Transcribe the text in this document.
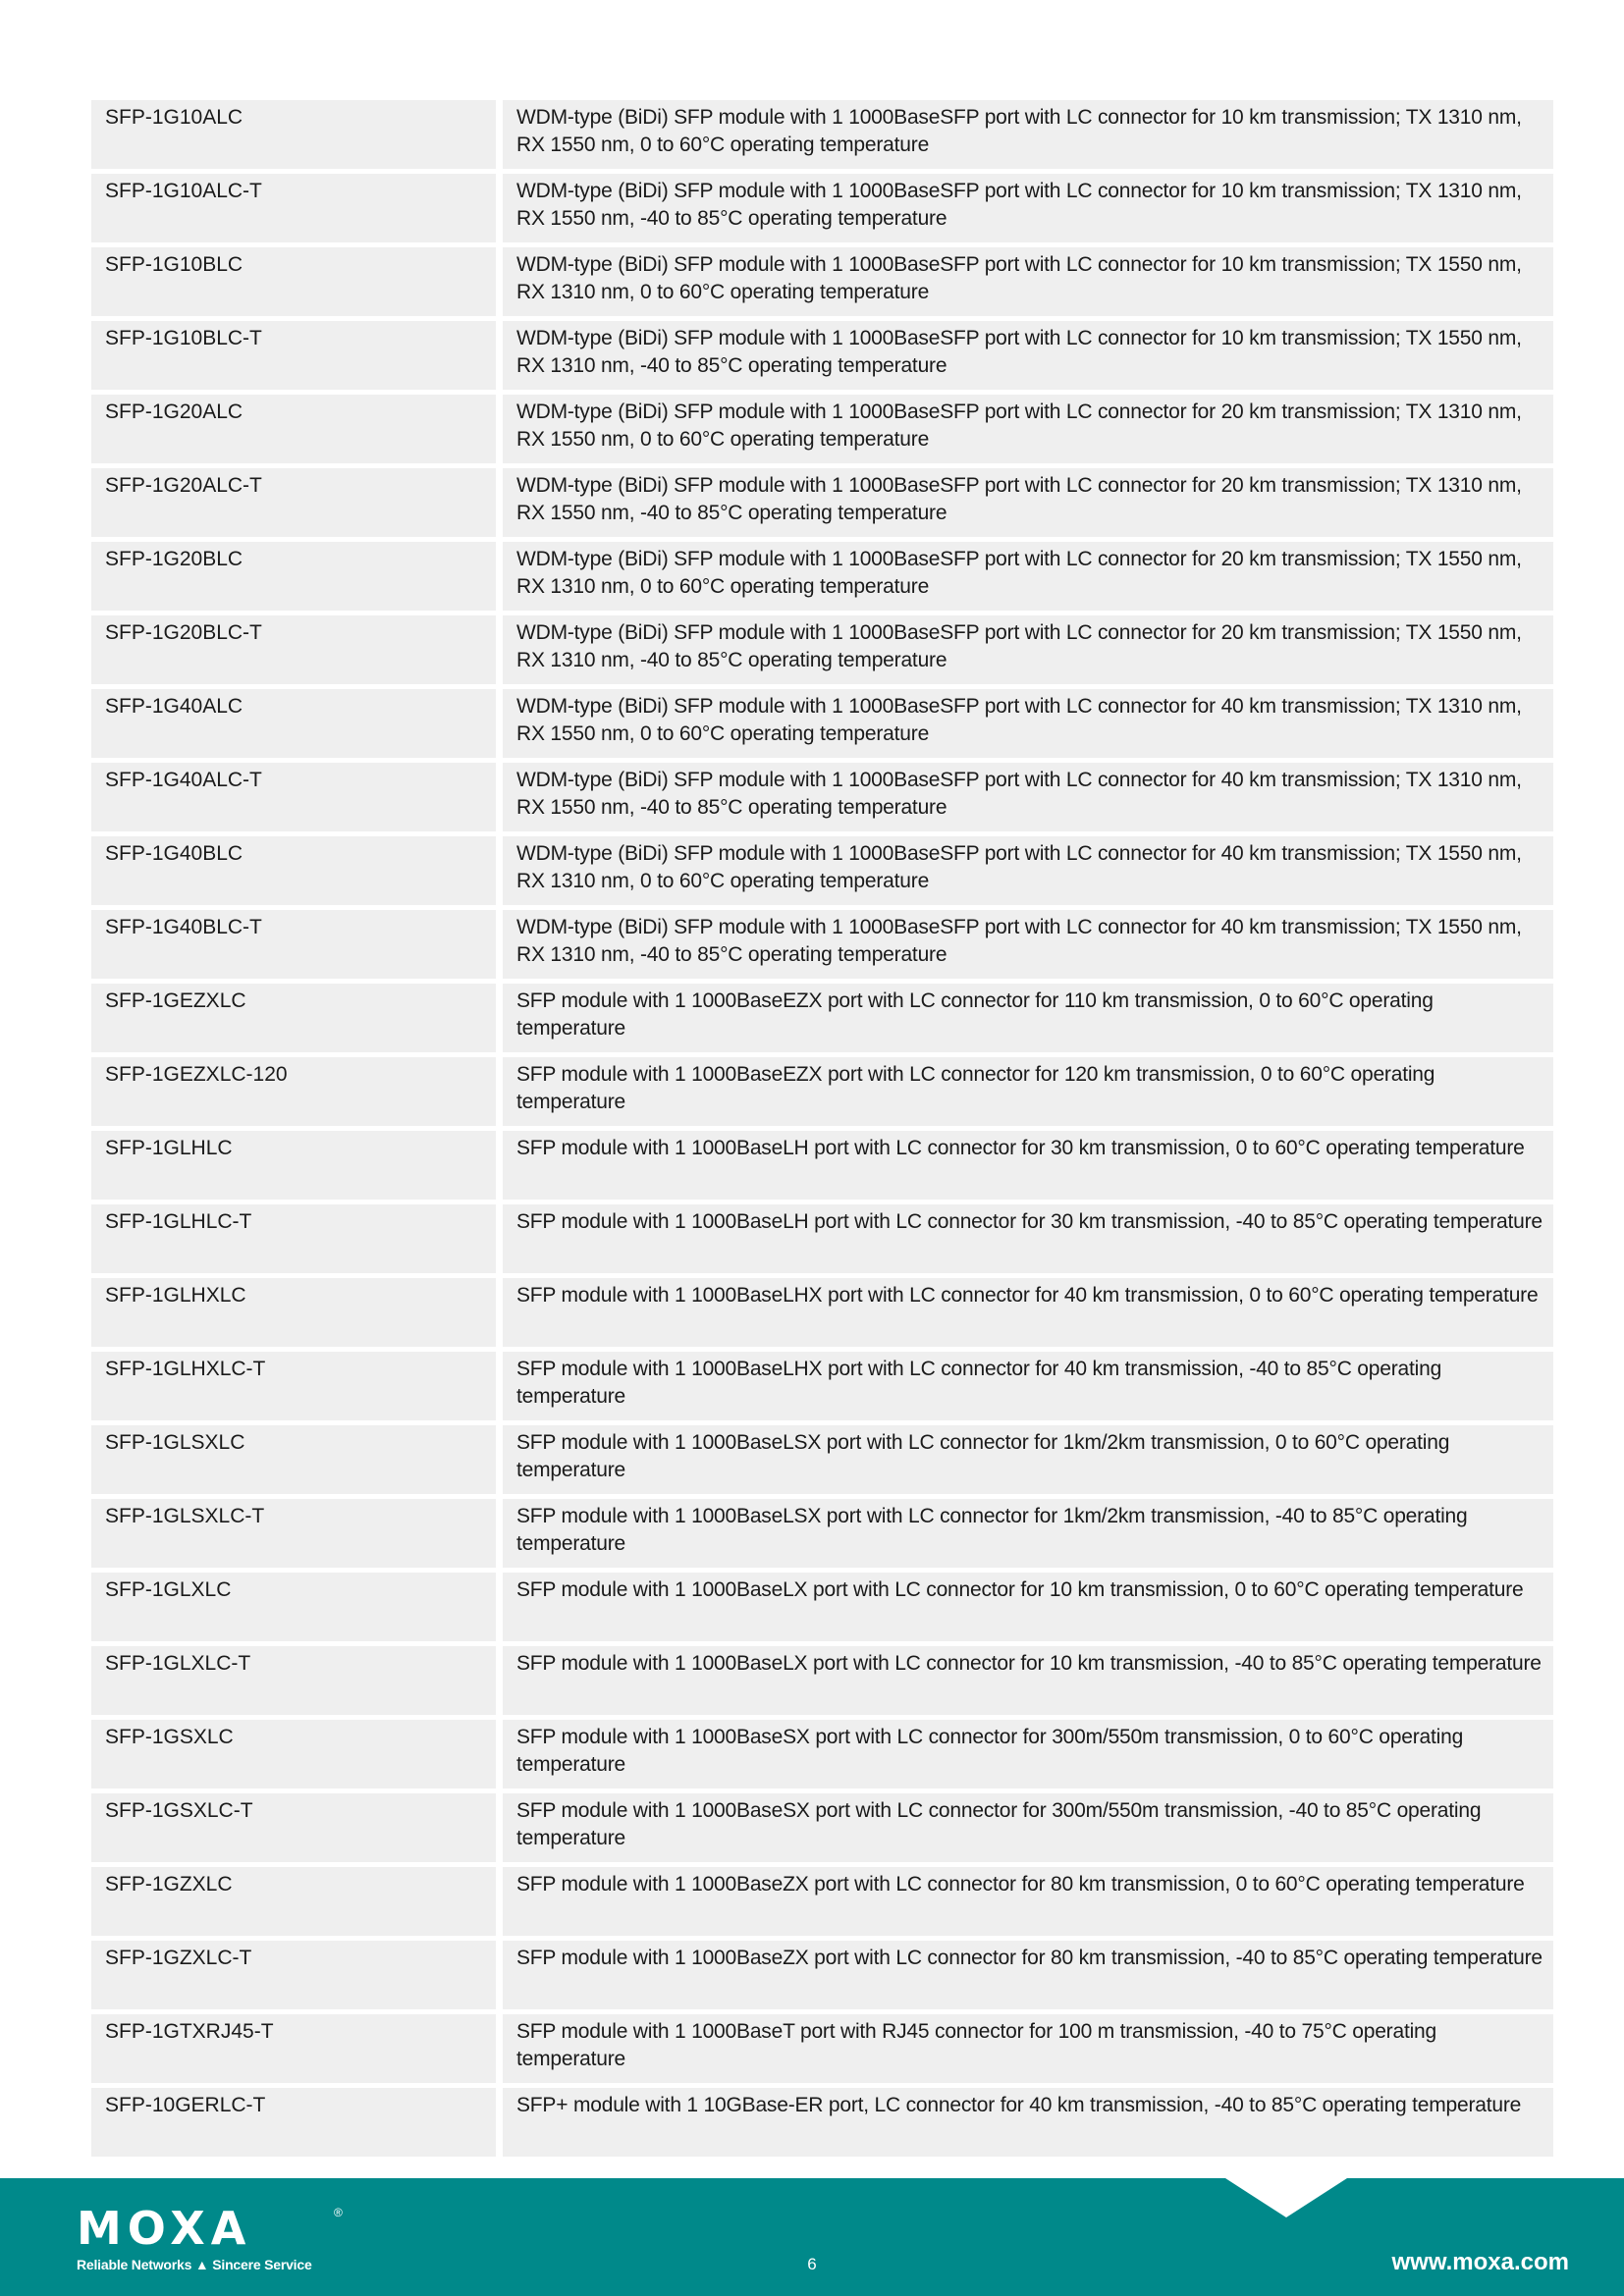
SFP-1G10ALC	WDM-type (BiDi) SFP module with 1 1000BaseSFP port with LC connector for 10 km transmission; TX 1310 nm, RX 1550 nm, 0 to 60°C operating temperature
SFP-1G10ALC-T	WDM-type (BiDi) SFP module with 1 1000BaseSFP port with LC connector for 10 km transmission; TX 1310 nm, RX 1550 nm, -40 to 85°C operating temperature
SFP-1G10BLC	WDM-type (BiDi) SFP module with 1 1000BaseSFP port with LC connector for 10 km transmission; TX 1550 nm, RX 1310 nm, 0 to 60°C operating temperature
SFP-1G10BLC-T	WDM-type (BiDi) SFP module with 1 1000BaseSFP port with LC connector for 10 km transmission; TX 1550 nm, RX 1310 nm, -40 to 85°C operating temperature
SFP-1G20ALC	WDM-type (BiDi) SFP module with 1 1000BaseSFP port with LC connector for 20 km transmission; TX 1310 nm, RX 1550 nm, 0 to 60°C operating temperature
SFP-1G20ALC-T	WDM-type (BiDi) SFP module with 1 1000BaseSFP port with LC connector for 20 km transmission; TX 1310 nm, RX 1550 nm, -40 to 85°C operating temperature
SFP-1G20BLC	WDM-type (BiDi) SFP module with 1 1000BaseSFP port with LC connector for 20 km transmission; TX 1550 nm, RX 1310 nm, 0 to 60°C operating temperature
SFP-1G20BLC-T	WDM-type (BiDi) SFP module with 1 1000BaseSFP port with LC connector for 20 km transmission; TX 1550 nm, RX 1310 nm, -40 to 85°C operating temperature
SFP-1G40ALC	WDM-type (BiDi) SFP module with 1 1000BaseSFP port with LC connector for 40 km transmission; TX 1310 nm, RX 1550 nm, 0 to 60°C operating temperature
SFP-1G40ALC-T	WDM-type (BiDi) SFP module with 1 1000BaseSFP port with LC connector for 40 km transmission; TX 1310 nm, RX 1550 nm, -40 to 85°C operating temperature
SFP-1G40BLC	WDM-type (BiDi) SFP module with 1 1000BaseSFP port with LC connector for 40 km transmission; TX 1550 nm, RX 1310 nm, 0 to 60°C operating temperature
SFP-1G40BLC-T	WDM-type (BiDi) SFP module with 1 1000BaseSFP port with LC connector for 40 km transmission; TX 1550 nm, RX 1310 nm, -40 to 85°C operating temperature
SFP-1GEZXLC	SFP module with 1 1000BaseEZX port with LC connector for 110 km transmission, 0 to 60°C operating temperature
SFP-1GEZXLC-120	SFP module with 1 1000BaseEZX port with LC connector for 120 km transmission, 0 to 60°C operating temperature
SFP-1GLHLC	SFP module with 1 1000BaseLH port with LC connector for 30 km transmission, 0 to 60°C operating temperature
SFP-1GLHLC-T	SFP module with 1 1000BaseLH port with LC connector for 30 km transmission, -40 to 85°C operating temperature
SFP-1GLHXLC	SFP module with 1 1000BaseLHX port with LC connector for 40 km transmission, 0 to 60°C operating temperature
SFP-1GLHXLC-T	SFP module with 1 1000BaseLHX port with LC connector for 40 km transmission, -40 to 85°C operating temperature
SFP-1GLSXLC	SFP module with 1 1000BaseLSX port with LC connector for 1km/2km transmission, 0 to 60°C operating temperature
SFP-1GLSXLC-T	SFP module with 1 1000BaseLSX port with LC connector for 1km/2km transmission, -40 to 85°C operating temperature
SFP-1GLXLC	SFP module with 1 1000BaseLX port with LC connector for 10 km transmission, 0 to 60°C operating temperature
SFP-1GLXLC-T	SFP module with 1 1000BaseLX port with LC connector for 10 km transmission, -40 to 85°C operating temperature
SFP-1GSXLC	SFP module with 1 1000BaseSX port with LC connector for 300m/550m transmission, 0 to 60°C operating temperature
SFP-1GSXLC-T	SFP module with 1 1000BaseSX port with LC connector for 300m/550m transmission, -40 to 85°C operating temperature
SFP-1GZXLC	SFP module with 1 1000BaseZX port with LC connector for 80 km transmission, 0 to 60°C operating temperature
SFP-1GZXLC-T	SFP module with 1 1000BaseZX port with LC connector for 80 km transmission, -40 to 85°C operating temperature
SFP-1GTXRJ45-T	SFP module with 1 1000BaseT port with RJ45 connector for 100 m transmission, -40 to 75°C operating temperature
SFP-10GERLC-T	SFP+ module with 1 10GBase-ER port, LC connector for 40 km transmission, -40 to 85°C operating temperature
MOXA	®
Reliable Networks ▲ Sincere Service	6	www.moxa.com
